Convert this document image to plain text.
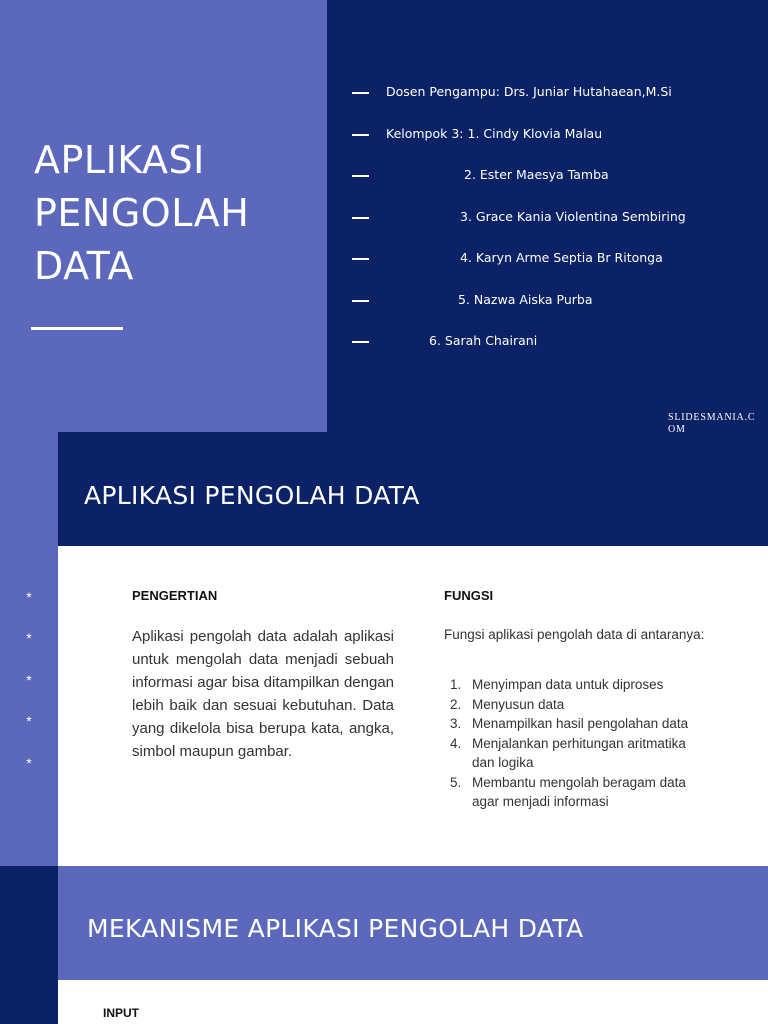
APLIKASI
PENGOLAH
DATA
Dosen Pengampu: Drs. Juniar Hutahaean,M.Si
Kelompok 3: 1. Cindy Klovia Malau
2. Ester Maesya Tamba
3. Grace Kania Violentina Sembiring
4. Karyn Arme Septia Br Ritonga
5. Nazwa Aiska Purba
6. Sarah Chairani
SLIDESMANIA.COM
APLIKASI PENGOLAH DATA
*
*
*
*
*
PENGERTIAN
Aplikasi pengolah data adalah aplikasi untuk mengolah data menjadi sebuah informasi agar bisa ditampilkan dengan lebih baik dan sesuai kebutuhan. Data yang dikelola bisa berupa kata, angka, simbol maupun gambar.
FUNGSI
Fungsi aplikasi pengolah data di antaranya:
1. Menyimpan data untuk diproses
2. Menyusun data
3. Menampilkan hasil pengolahan data
4. Menjalankan perhitungan aritmatika dan logika
5. Membantu mengolah beragam data agar menjadi informasi
MEKANISME APLIKASI PENGOLAH DATA
INPUT
